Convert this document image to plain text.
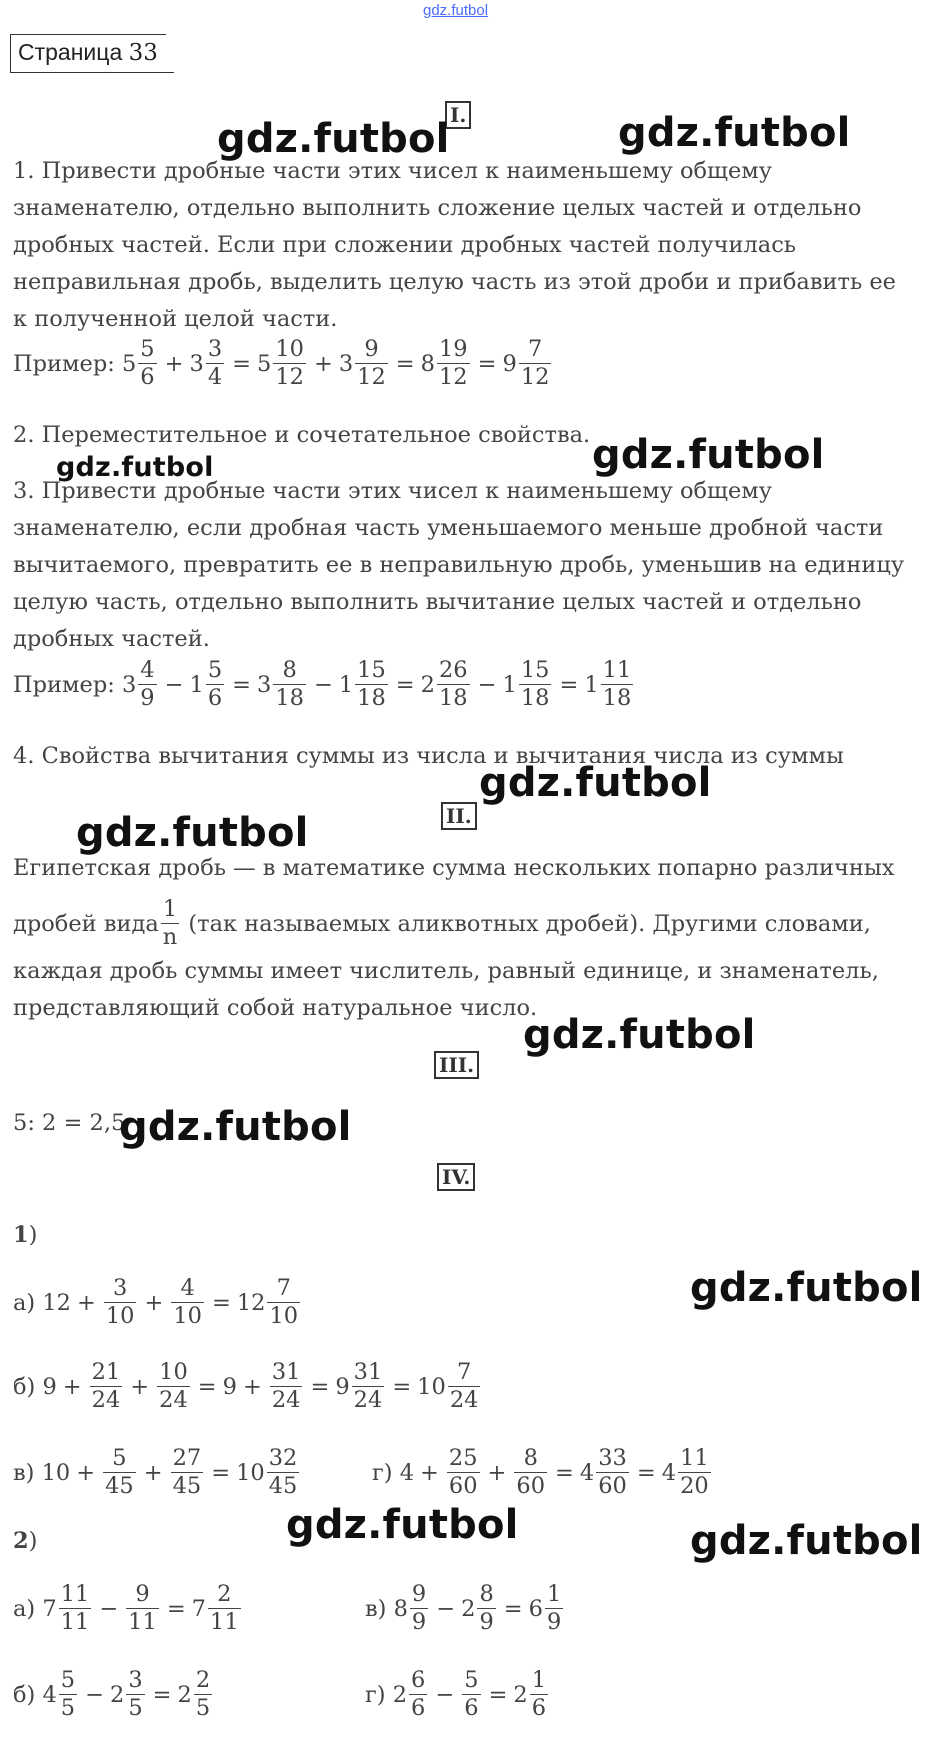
gdz.futbol
Страница 33
I.
gdz.futbol	gdz.futbol
1. Привести дробные части этих чисел к наименьшему общему знаменателю, отдельно выполнить сложение целых частей и отдельно дробных частей. Если при сложении дробных частей получилась неправильная дробь, выделить целую часть из этой дроби и прибавить ее к полученной целой части.
Пример: $5 \frac{5}{6} + 3 \frac{3}{4} = 5 \frac{10}{12} + 3 \frac{9}{12} = 8 \frac{19}{12} = 9 \frac{7}{12}$
2. Переместительное и сочетательное свойства.
gdz.futbol	gdz.futbol
3. Привести дробные части этих чисел к наименьшему общему знаменателю, если дробная часть уменьшаемого меньше дробной части вычитаемого, превратить ее в неправильную дробь, уменьшив на единицу целую часть, отдельно выполнить вычитание целых частей и отдельно дробных частей.
Пример: $3 \frac{4}{9} - 1 \frac{5}{6} = 3 \frac{8}{18} - 1 \frac{15}{18} = 2 \frac{26}{18} - 1 \frac{15}{18} = 1 \frac{11}{18}$
4. Свойства вычитания суммы из числа и вычитания числа из суммы
gdz.futbol
II.
gdz.futbol
Египетская дробь — в математике сумма нескольких попарно различных
дробей вида $\frac{1}{n}$
(так называемых аликвотных дробей). Другими словами,
каждая дробь суммы имеет числитель, равный единице, и знаменатель, представляющий собой натуральное число.
gdz.futbol
III.
5: 2 = 2,5
gdz.futbol
IV.
1 )
gdz.futbol
а) $12 + \frac{3}{10} + \frac{4}{10} = 12 \frac{7}{10}$
б) $9 + \frac{21}{24} + \frac{10}{24} = 9 + \frac{31}{24} = 9 \frac{31}{24} = 10 \frac{7}{24}$
в) $10 + \frac{5}{45} + \frac{27}{45} = 10 \frac{32}{45}$	г) $4 + \frac{25}{60} + \frac{8}{60} = 4 \frac{33}{60} = 4 \frac{11}{20}$
gdz.futbol	gdz.futbol
2 )
а) $7 \frac{11}{11} - \frac{9}{11} = 7 \frac{2}{11}$	в) $8 \frac{9}{9} - 2 \frac{8}{9} = 6 \frac{1}{9}$
б) $4 \frac{5}{5} - 2 \frac{3}{5} = 2 \frac{2}{5}$	г) $2 \frac{6}{6} - \frac{5}{6} = 2 \frac{1}{6}$
